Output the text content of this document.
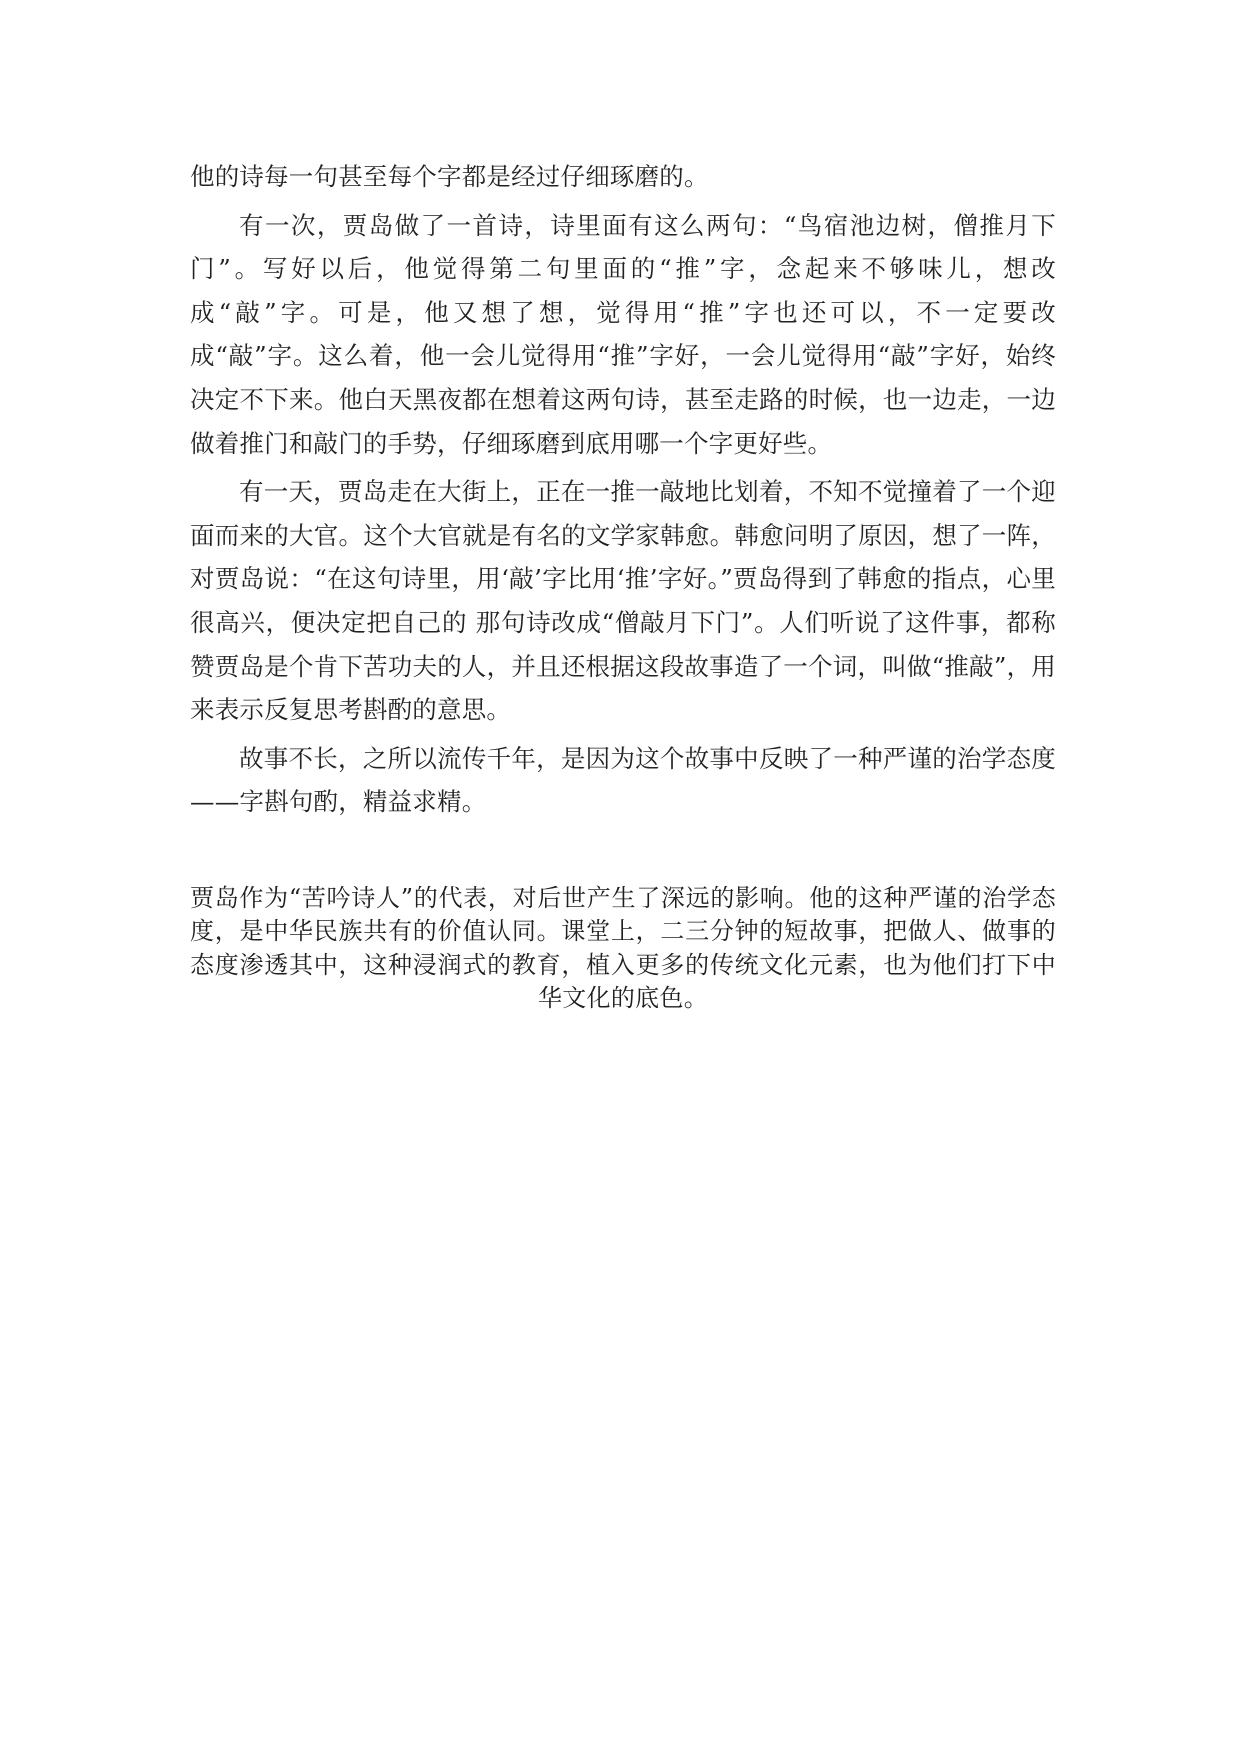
他的诗每一句甚至每个字都是经过仔细琢磨的。

有一次，贾岛做了一首诗，诗里面有这么两句：“鸟宿池边树，僧推月下门”。写好以后，他觉得第二句里面的“推”字，念起来不够味儿，想改成“敲”字。可是，他又想了想，觉得用“推”字也还可以，不一定要改成“敲”字。这么着，他一会儿觉得用“推”字好，一会儿觉得用“敲”字好，始终决定不下来。他白天黑夜都在想着这两句诗，甚至走路的时候，也一边走，一边做着推门和敲门的手势，仔细琢磨到底用哪一个字更好些。

有一天，贾岛走在大街上，正在一推一敲地比划着，不知不觉撞着了一个迎面而来的大官。这个大官就是有名的文学家韩愈。韩愈问明了原因，想了一阵，对贾岛说：“在这句诗里，用‘敲’字比用‘推’字好。”贾岛得到了韩愈的指点，心里很高兴，便决定把自己的 那句诗改成“僧敲月下门”。人们听说了这件事，都称赞贾岛是个肯下苦功夫的人，并且还根据这段故事造了一个词，叫做“推敲”，用来表示反复思考斟酌的意思。

故事不长，之所以流传千年，是因为这个故事中反映了一种严谨的治学态度——字斟句酌，精益求精。

贾岛作为“苦吟诗人”的代表，对后世产生了深远的影响。他的这种严谨的治学态度，是中华民族共有的价值认同。课堂上，二三分钟的短故事，把做人、做事的态度渗透其中，这种浸润式的教育，植入更多的传统文化元素，也为他们打下中华文化的底色。
